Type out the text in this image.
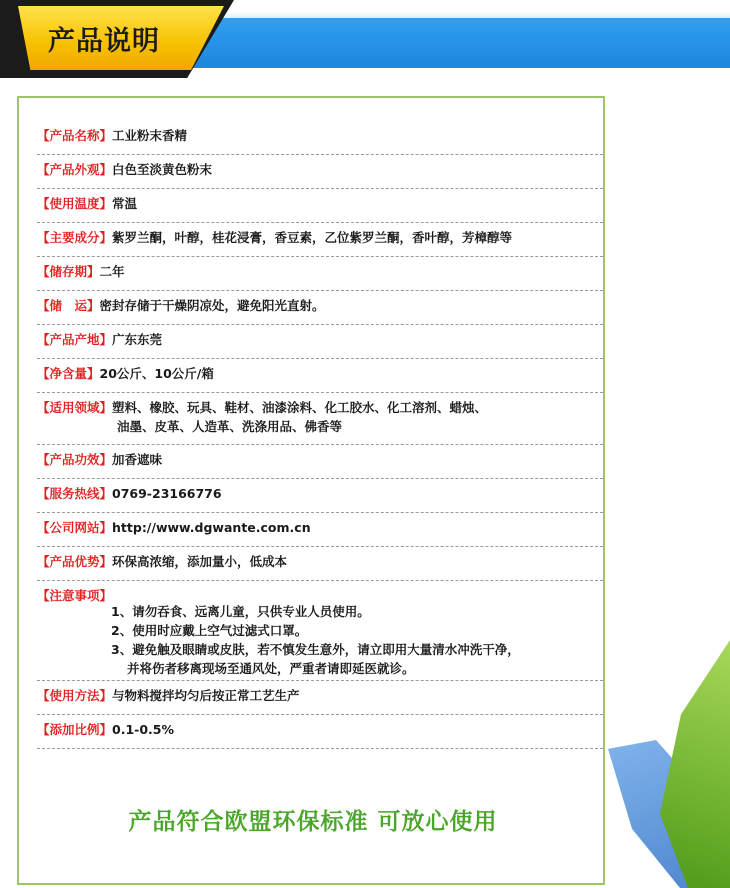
产品说明
【产品名称】工业粉末香精
【产品外观】白色至淡黄色粉末
【使用温度】常温
【主要成分】紫罗兰酮，叶醇，桂花浸膏，香豆素，乙位紫罗兰酮，香叶醇，芳樟醇等
【储存期】二年
【储　运】密封存储于干燥阴凉处，避免阳光直射。
【产品产地】广东东莞
【净含量】20公斤、10公斤/箱
【适用领域】塑料、橡胶、玩具、鞋材、油漆涂料、化工胶水、化工溶剂、蜡烛、
油墨、皮革、人造革、洗涤用品、佛香等
【产品功效】加香遮味
【服务热线】0769-23166776
【公司网站】http://www.dgwante.com.cn
【产品优势】环保高浓缩，添加量小，低成本
【注意事项】
1、请勿吞食、远离儿童，只供专业人员使用。
2、使用时应戴上空气过滤式口罩。
3、避免触及眼睛或皮肤，若不慎发生意外，请立即用大量清水冲洗干净，
并将伤者移离现场至通风处，严重者请即延医就诊。
【使用方法】与物料搅拌均匀后按正常工艺生产
【添加比例】0.1-0.5%
产品符合欧盟环保标准 可放心使用
